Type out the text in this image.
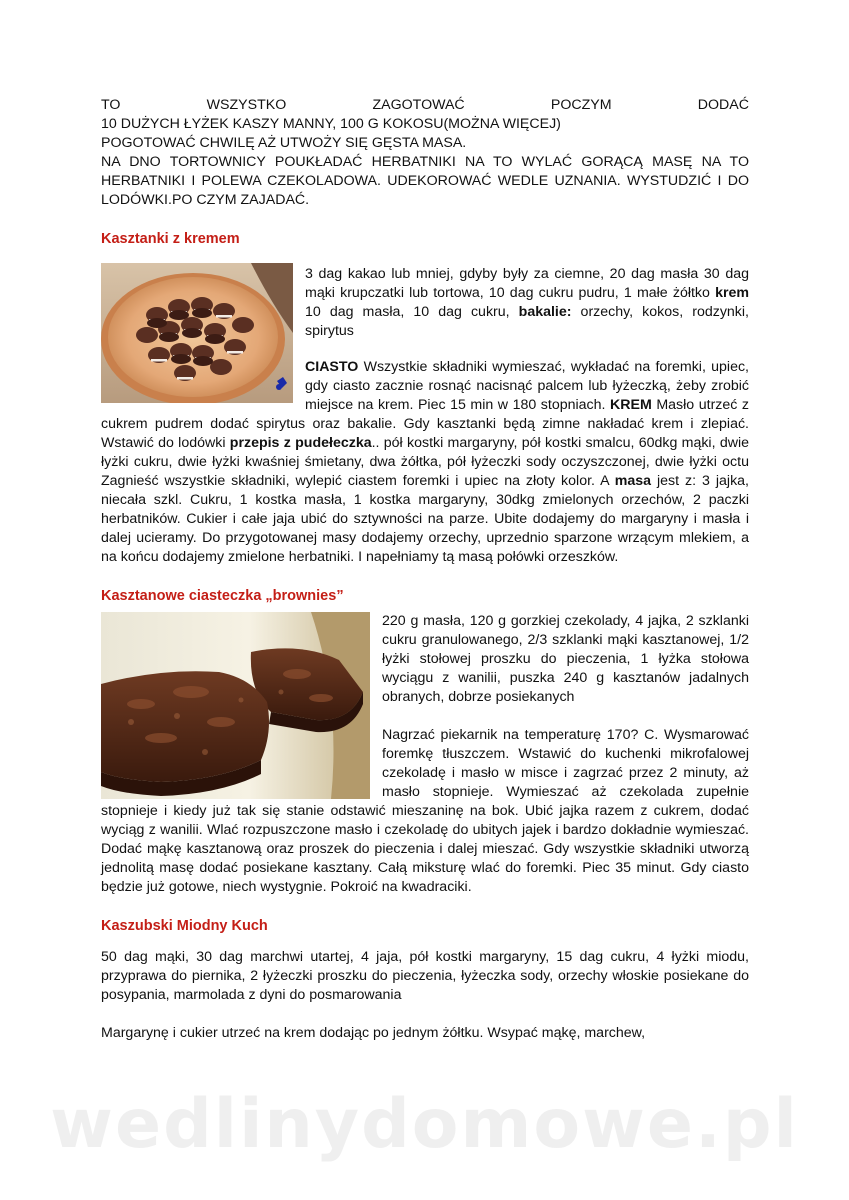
TO	WSZYSTKO	ZAGOTOWAĆ	POCZYM	DODAĆ

10 DUŻYCH ŁYŻEK KASZY MANNY, 100 G KOKOSU(MOŻNA WIĘCEJ)

POGOTOWAĆ CHWILĘ AŻ UTWOŻY SIĘ GĘSTA MASA.

NA DNO TORTOWNICY POUKŁADAĆ HERBATNIKI NA TO WYLAĆ GORĄCĄ MASĘ NA TO HERBATNIKI I POLEWA CZEKOLADOWA. UDEKOROWAĆ WEDLE UZNANIA. WYSTUDZIĆ I DO LODÓWKI.PO CZYM ZAJADAĆ.

Kasztanki z kremem

3 dag kakao lub mniej, gdyby były za ciemne, 20 dag masła 30 dag mąki krupczatki lub tortowa, 10 dag cukru pudru, 1 małe żółtko krem 10 dag masła, 10 dag cukru, bakalie: orzechy, kokos, rodzynki, spirytus

CIASTO Wszystkie składniki wymieszać, wykładać na foremki, upiec, gdy ciasto zacznie rosnąć nacisnąć palcem lub łyżeczką, żeby zrobić miejsce na krem. Piec 15 min w 180 stopniach. KREM Masło utrzeć z cukrem pudrem dodać spirytus oraz bakalie. Gdy kasztanki będą zimne nakładać krem i zlepiać. Wstawić do lodówki przepis z pudełeczka.. pół kostki margaryny, pół kostki smalcu, 60dkg mąki, dwie łyżki cukru, dwie łyżki kwaśniej śmietany, dwa żółtka, pół łyżeczki sody oczyszczonej, dwie łyżki octu Zagnieść wszystkie składniki, wylepić ciastem foremki i upiec na złoty kolor. A masa jest z: 3 jajka, niecała szkl. Cukru, 1 kostka masła, 1 kostka margaryny, 30dkg zmielonych orzechów, 2 paczki herbatników. Cukier i całe jaja ubić do sztywności na parze. Ubite dodajemy do margaryny i masła i dalej ucieramy. Do przygotowanej masy dodajemy orzechy, uprzednio sparzone wrzącym mlekiem, a na końcu dodajemy zmielone herbatniki. I napełniamy tą masą połówki orzeszków.

Kasztanowe ciasteczka „brownies”

220 g masła, 120 g gorzkiej czekolady, 4 jajka, 2 szklanki cukru granulowanego, 2/3 szklanki mąki kasztanowej, 1/2 łyżki stołowej proszku do pieczenia, 1 łyżka stołowa wyciągu z wanilii, puszka 240 g kasztanów jadalnych obranych, dobrze posiekanych

Nagrzać piekarnik na temperaturę 170? C. Wysmarować foremkę tłuszczem. Wstawić do kuchenki mikrofalowej czekoladę i masło w misce i zagrzać przez 2 minuty, aż masło stopnieje. Wymieszać aż czekolada zupełnie stopnieje i kiedy już tak się stanie odstawić mieszaninę na bok. Ubić jajka razem z cukrem, dodać wyciąg z wanilii. Wlać rozpuszczone masło i czekoladę do ubitych jajek i bardzo dokładnie wymieszać. Dodać mąkę kasztanową oraz proszek do pieczenia i dalej mieszać. Gdy wszystkie składniki utworzą jednolitą masę dodać posiekane kasztany. Całą miksturę wlać do foremki. Piec 35 minut. Gdy ciasto będzie już gotowe, niech wystygnie. Pokroić na kwadraciki.

Kaszubski Miodny Kuch

50 dag mąki, 30 dag marchwi utartej, 4 jaja, pół kostki margaryny, 15 dag cukru, 4 łyżki miodu, przyprawa do piernika, 2 łyżeczki proszku do pieczenia, łyżeczka sody, orzechy włoskie posiekane do posypania, marmolada z dyni do posmarowania

Margarynę i cukier utrzeć na krem dodając po jednym żółtku. Wsypać mąkę, marchew,

wedlinydomowe.pl
